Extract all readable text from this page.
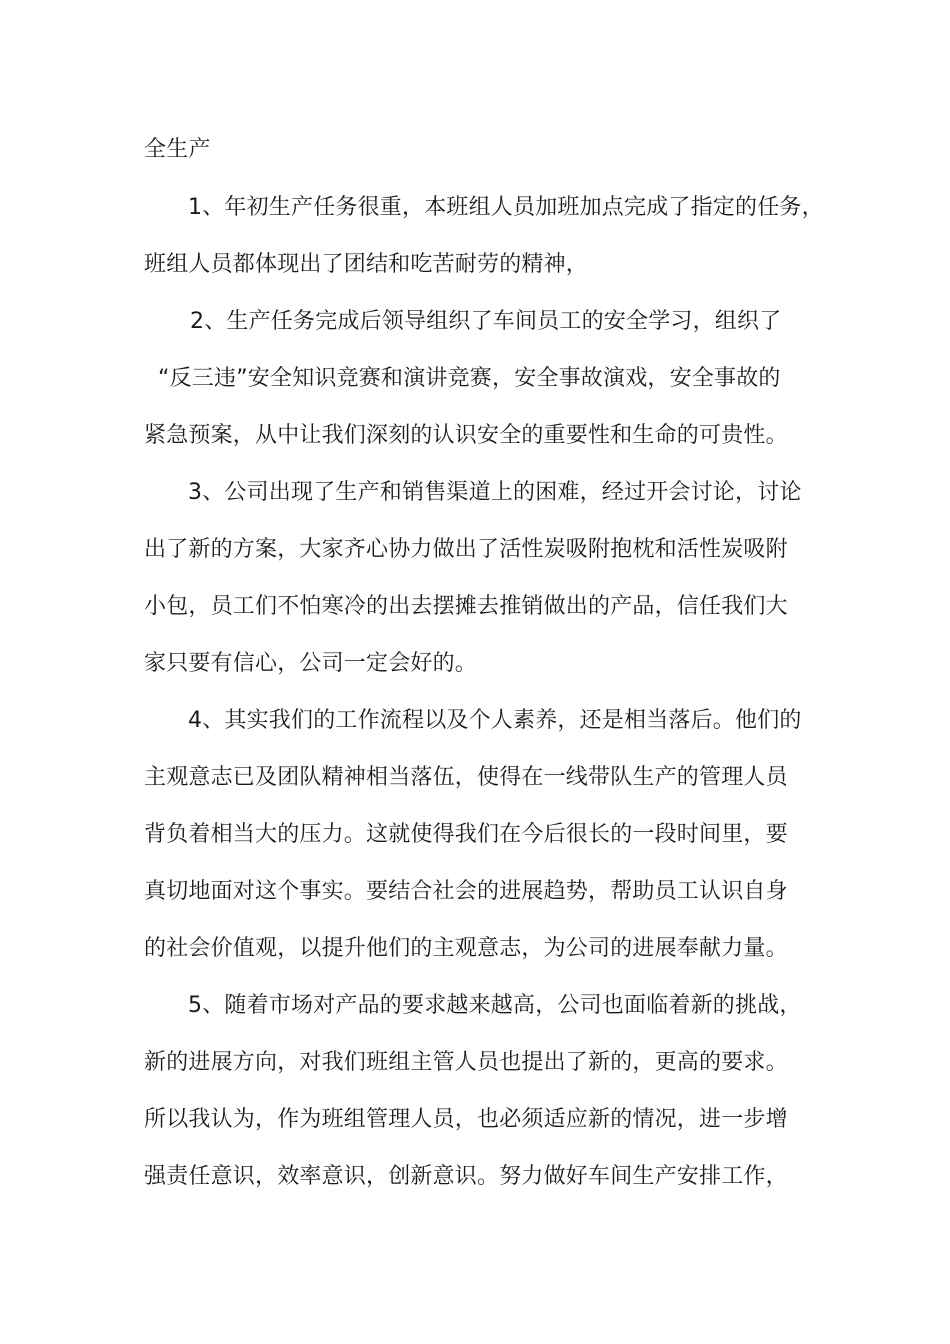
全生产
1、年初生产任务很重，本班组人员加班加点完成了指定的任务，
班组人员都体现出了团结和吃苦耐劳的精神，
2、生产任务完成后领导组织了车间员工的安全学习，组织了
“反三违”安全知识竞赛和演讲竞赛，安全事故演戏，安全事故的
紧急预案，从中让我们深刻的认识安全的重要性和生命的可贵性。
3、公司出现了生产和销售渠道上的困难，经过开会讨论，讨论
出了新的方案，大家齐心协力做出了活性炭吸附抱枕和活性炭吸附
小包，员工们不怕寒冷的出去摆摊去推销做出的产品，信任我们大
家只要有信心，公司一定会好的。
4、其实我们的工作流程以及个人素养，还是相当落后。他们的
主观意志已及团队精神相当落伍，使得在一线带队生产的管理人员
背负着相当大的压力。这就使得我们在今后很长的一段时间里，要
真切地面对这个事实。要结合社会的进展趋势，帮助员工认识自身
的社会价值观，以提升他们的主观意志，为公司的进展奉献力量。
5、随着市场对产品的要求越来越高，公司也面临着新的挑战，
新的进展方向，对我们班组主管人员也提出了新的，更高的要求。
所以我认为，作为班组管理人员，也必须适应新的情况，进一步增
强责任意识，效率意识，创新意识。努力做好车间生产安排工作，
